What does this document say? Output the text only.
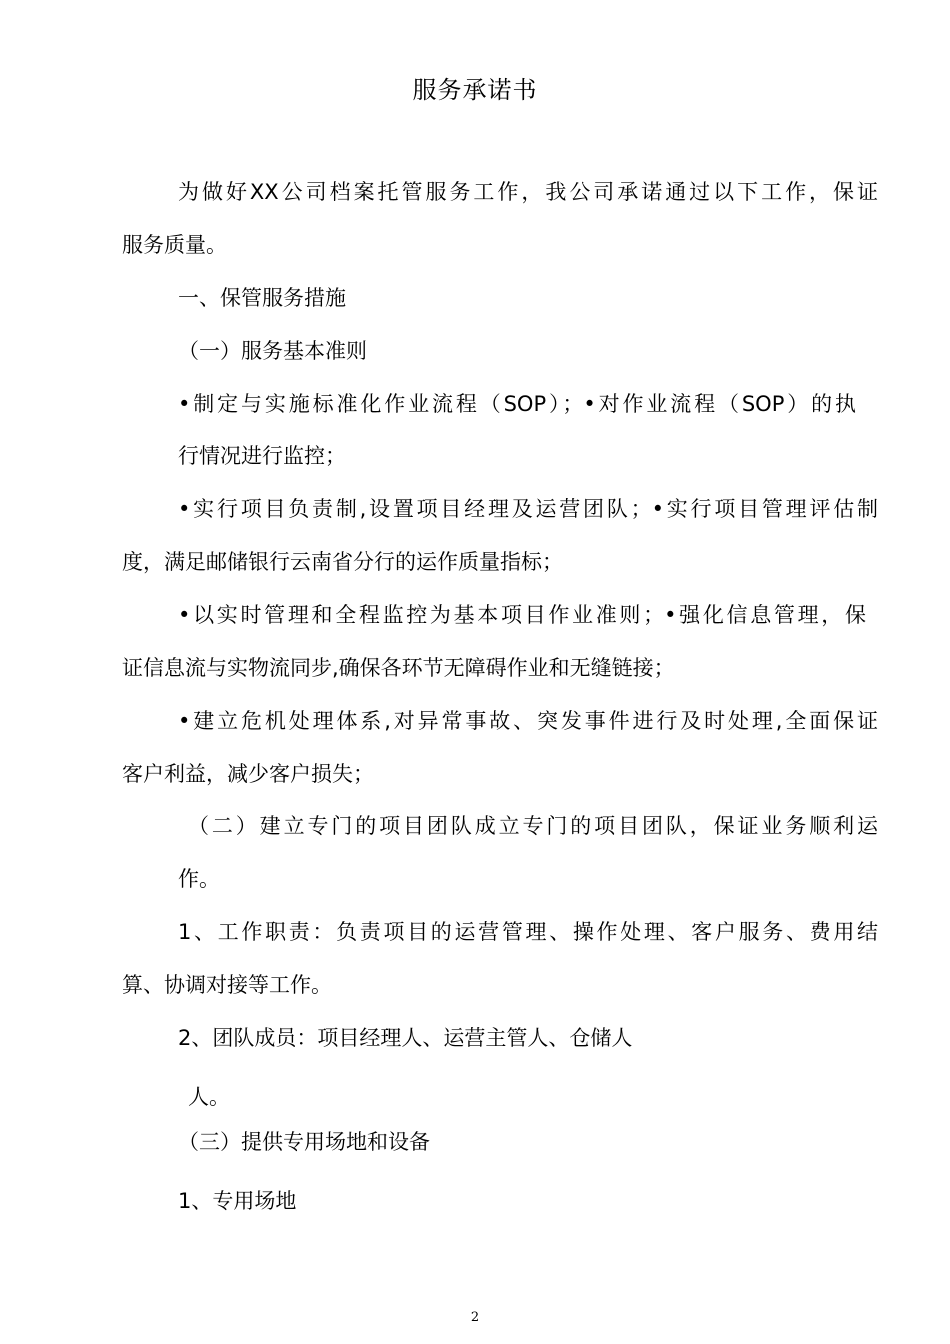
服务承诺书
为做好XX公司档案托管服务工作，我公司承诺通过以下工作，保证
服务质量。
一、保管服务措施
（一）服务基本准则
•制定与实施标准化作业流程（SOP）；•对作业流程（SOP）的执
行情况进行监控；
•实行项目负责制,设置项目经理及运营团队；•实行项目管理评估制
度，满足邮储银行云南省分行的运作质量指标；
•以实时管理和全程监控为基本项目作业准则；•强化信息管理，保
证信息流与实物流同步,确保各环节无障碍作业和无缝链接；
•建立危机处理体系,对异常事故、突发事件进行及时处理,全面保证
客户利益，减少客户损失；
（二）建立专门的项目团队成立专门的项目团队，保证业务顺利运
作。
1、工作职责：负责项目的运营管理、操作处理、客户服务、费用结
算、协调对接等工作。
2、团队成员：项目经理人、运营主管人、仓储人
人。
（三）提供专用场地和设备
1、专用场地
2
